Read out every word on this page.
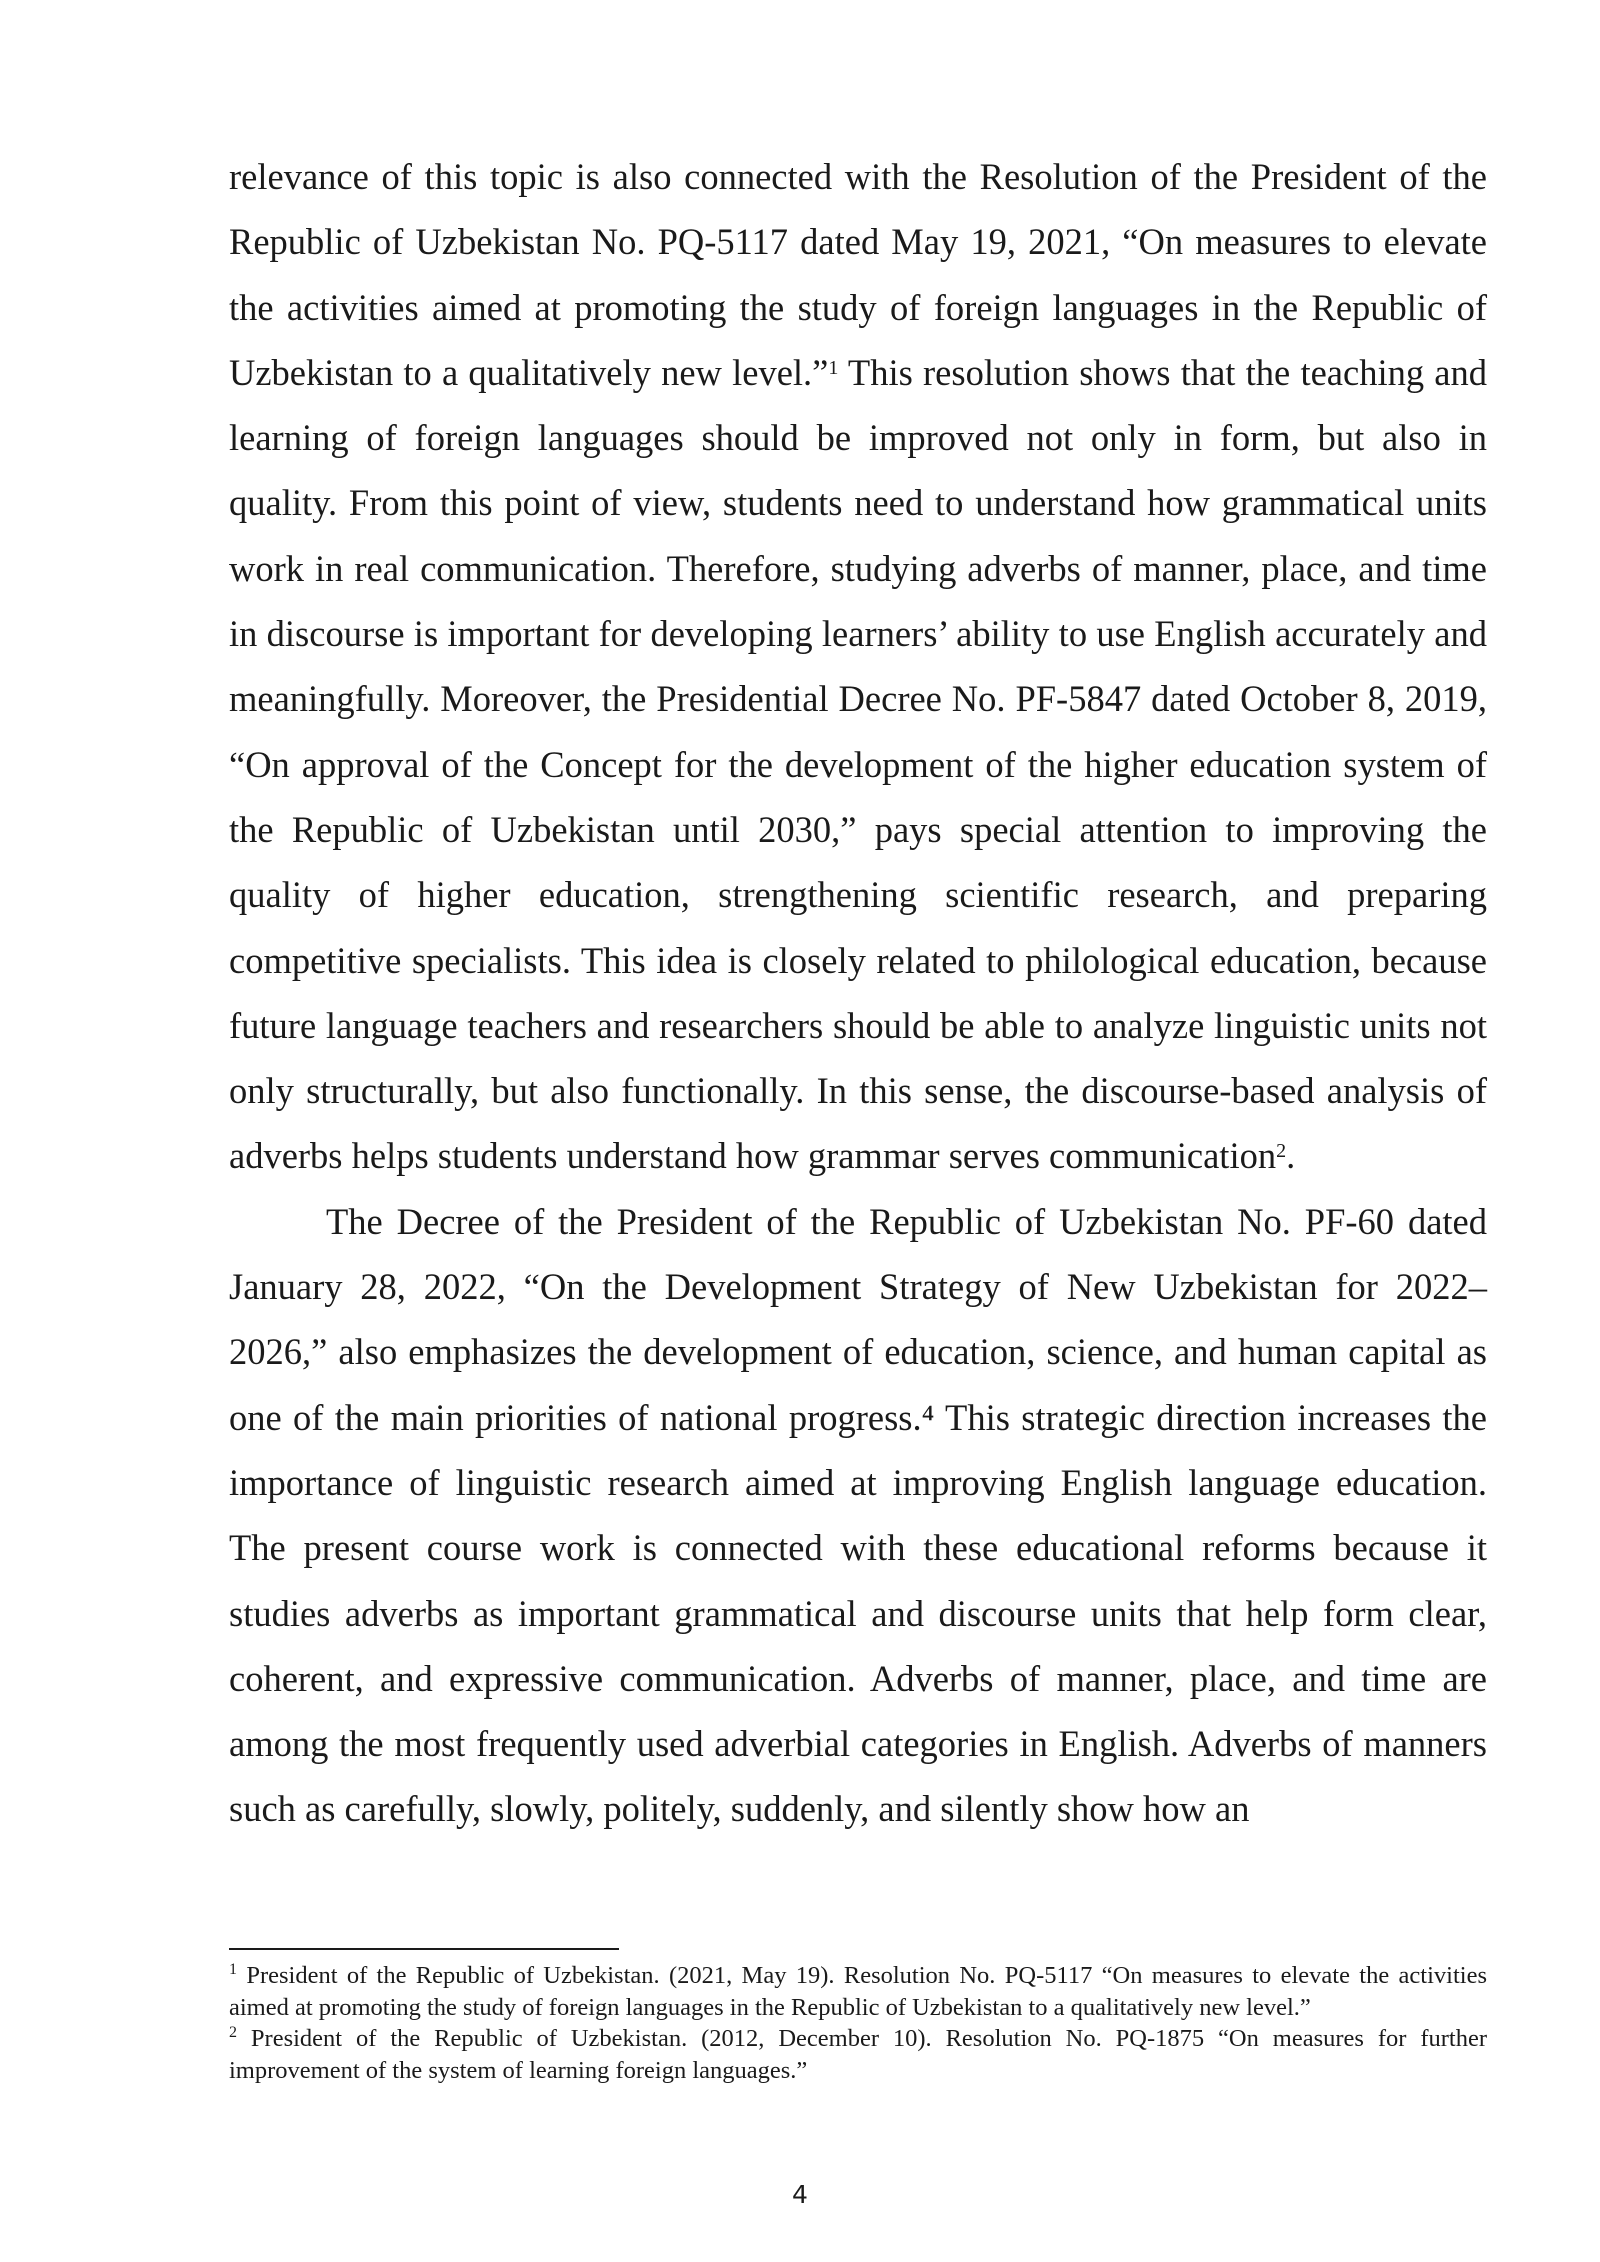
relevance of this topic is also connected with the Resolution of the President of the Republic of Uzbekistan No. PQ-5117 dated May 19, 2021, “On measures to elevate the activities aimed at promoting the study of foreign languages in the Republic of Uzbekistan to a qualitatively new level.”$^1$ This resolution shows that the teaching and learning of foreign languages should be improved not only in form, but also in quality. From this point of view, students need to understand how grammatical units work in real communication. Therefore, studying adverbs of manner, place, and time in discourse is important for developing learners’ ability to use English accurately and meaningfully. Moreover, the Presidential Decree No. PF-5847 dated October 8, 2019, “On approval of the Concept for the development of the higher education system of the Republic of Uzbekistan until 2030,” pays special attention to improving the quality of higher education, strengthening scientific research, and preparing competitive specialists. This idea is closely related to philological education, because future language teachers and researchers should be able to analyze linguistic units not only structurally, but also functionally. In this sense, the discourse-based analysis of adverbs helps students understand how grammar serves communication$^2$.

The Decree of the President of the Republic of Uzbekistan No. PF-60 dated January 28, 2022, “On the Development Strategy of New Uzbekistan for 2022–2026,” also emphasizes the development of education, science, and human capital as one of the main priorities of national progress.⁴ This strategic direction increases the importance of linguistic research aimed at improving English language education. The present course work is connected with these educational reforms because it studies adverbs as important grammatical and discourse units that help form clear, coherent, and expressive communication. Adverbs of manner, place, and time are among the most frequently used adverbial categories in English. Adverbs of manners such as carefully, slowly, politely, suddenly, and silently show how an

$^1$ President of the Republic of Uzbekistan. (2021, May 19). Resolution No. PQ-5117 “On measures to elevate the activities aimed at promoting the study of foreign languages in the Republic of Uzbekistan to a qualitatively new level.”

$^2$ President of the Republic of Uzbekistan. (2012, December 10). Resolution No. PQ-1875 “On measures for further improvement of the system of learning foreign languages.”

4
